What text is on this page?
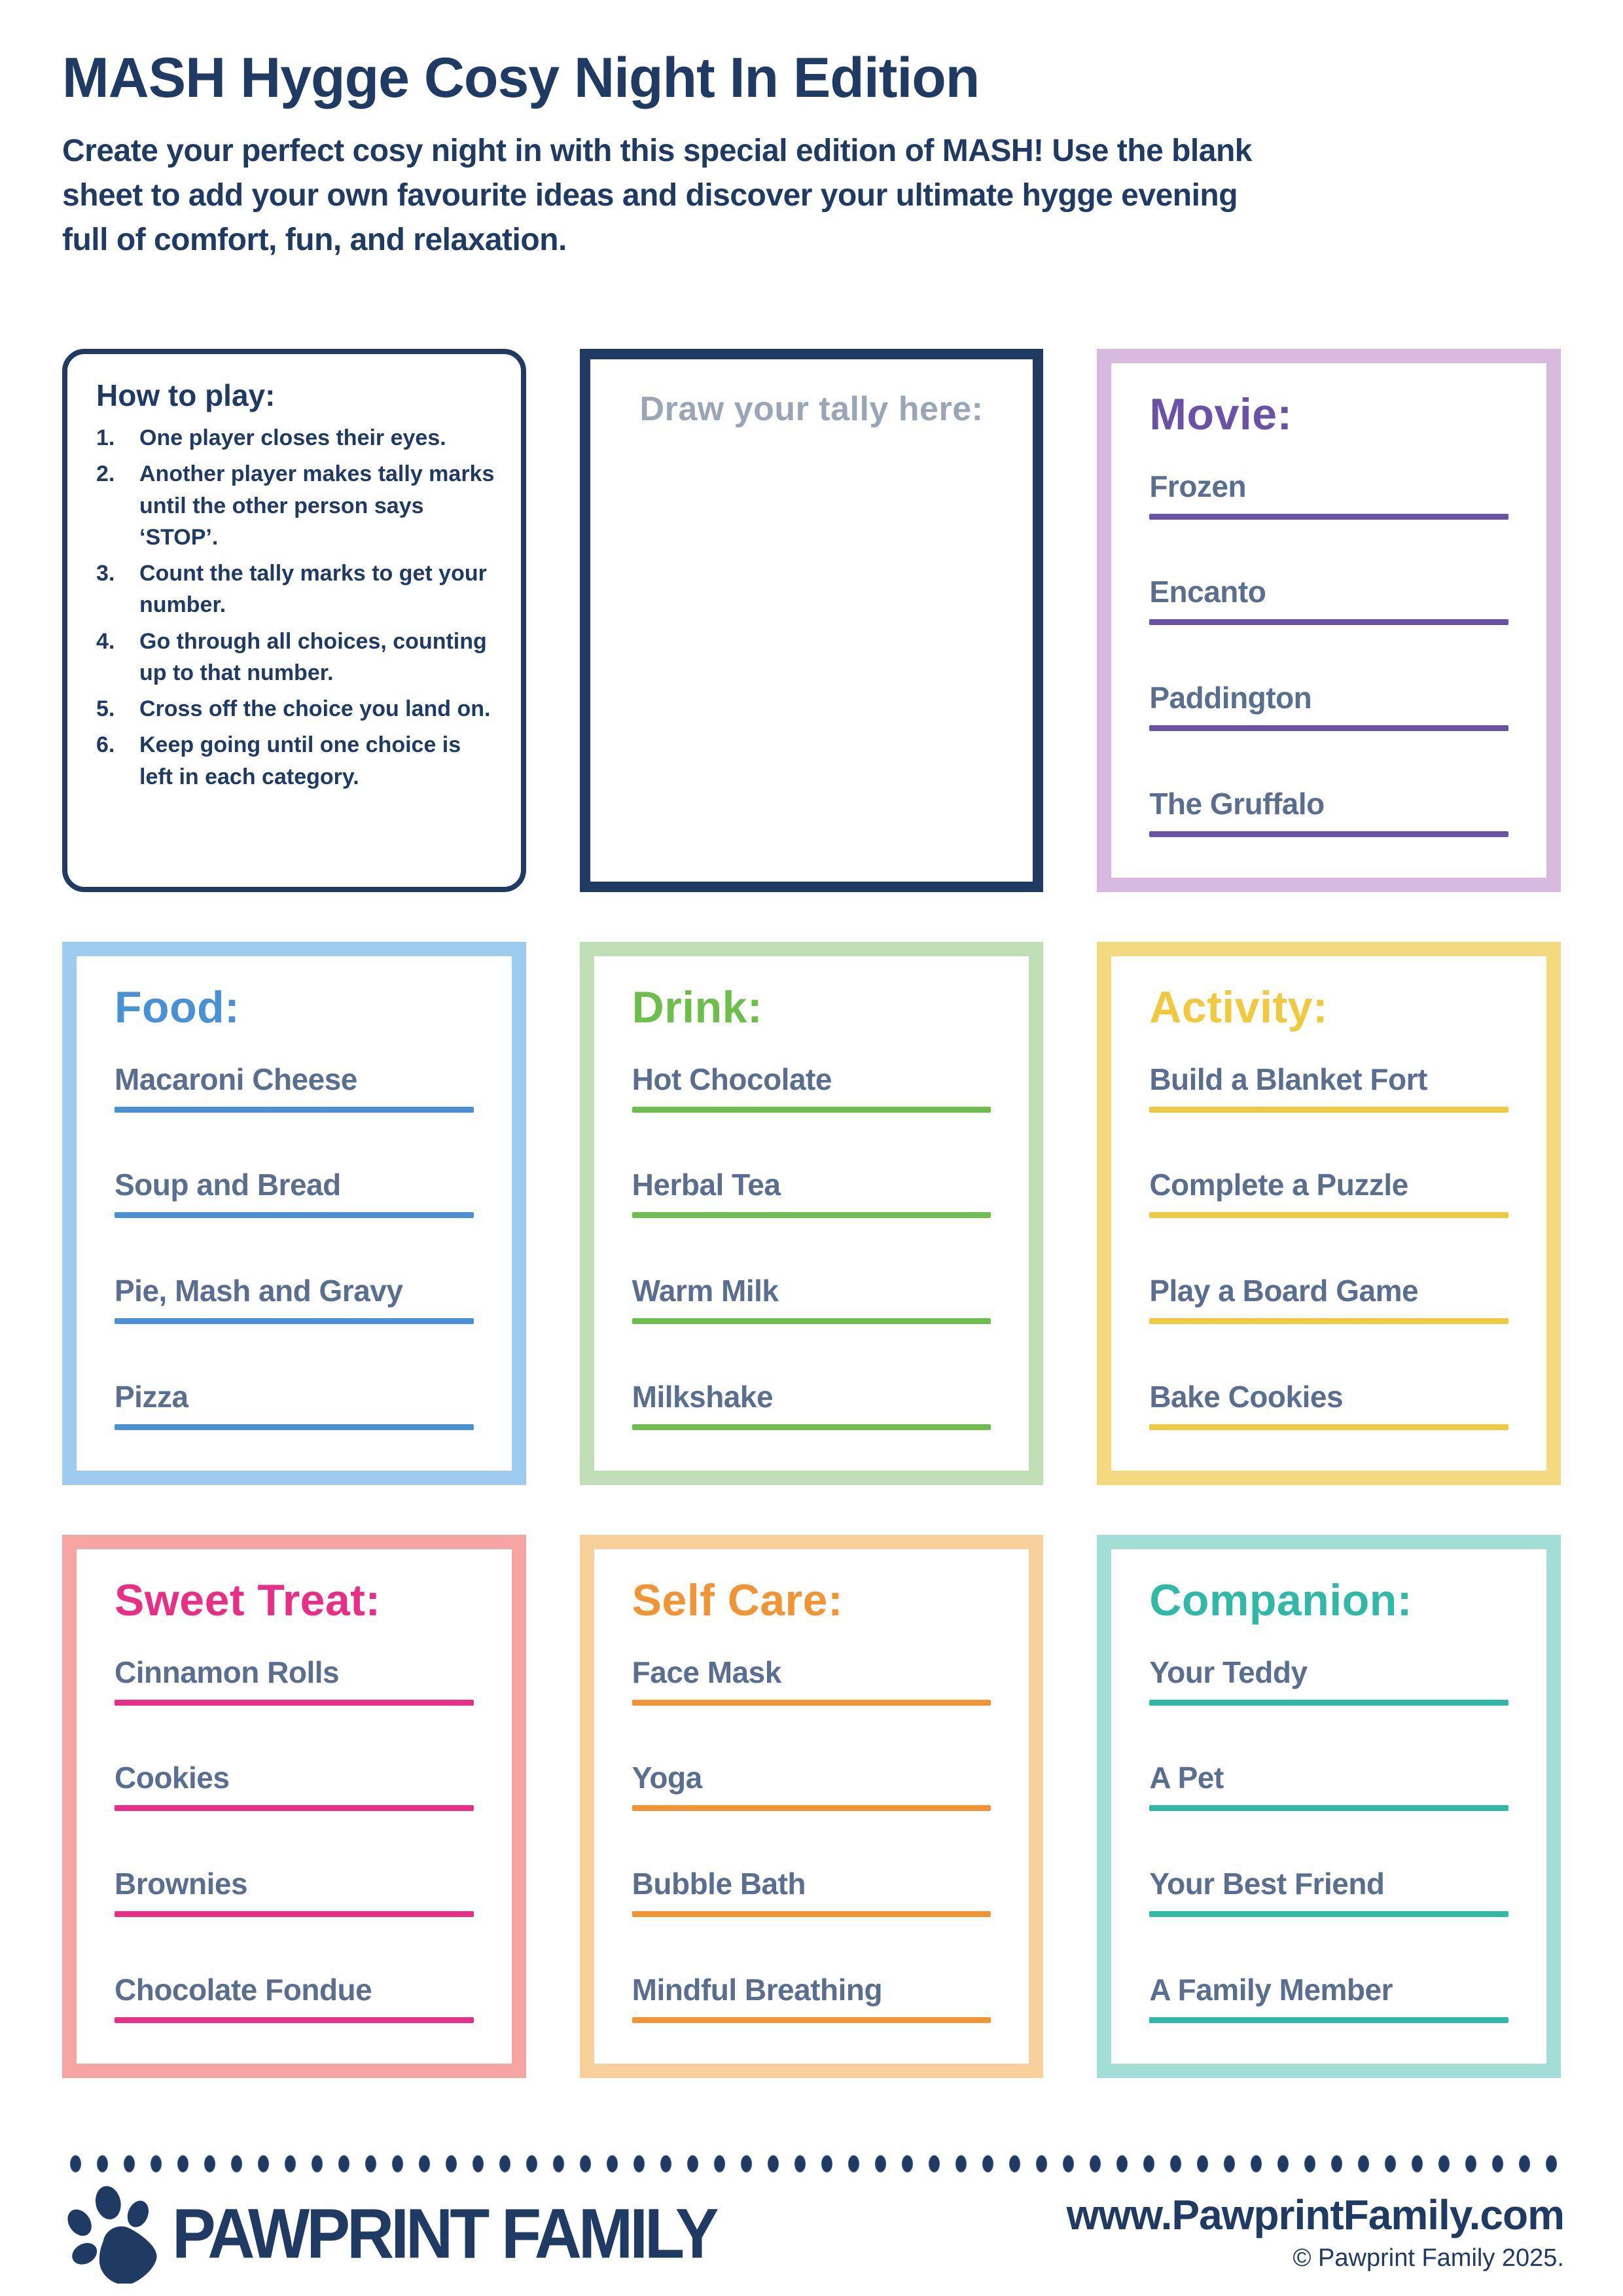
MASH Hygge Cosy Night In Edition
Create your perfect cosy night in with this special edition of MASH! Use the blank
sheet to add your own favourite ideas and discover your ultimate hygge evening
full of comfort, fun, and relaxation.
How to play:
1.	One player closes their eyes.
2.	Another player makes tally marks until the other person says ‘STOP’.
3.	Count the tally marks to get your number.
4.	Go through all choices, counting up to that number.
5.	Cross off the choice you land on.
6.	Keep going until one choice is left in each category.
Draw your tally here:	Movie:
Frozen
Encanto
Paddington
The Gruffalo
Food:
Macaroni Cheese
Soup and Bread
Pie, Mash and Gravy
Pizza
Drink:
Hot Chocolate
Herbal Tea
Warm Milk
Milkshake
Activity:
Build a Blanket Fort
Complete a Puzzle
Play a Board Game
Bake Cookies
Sweet Treat:
Cinnamon Rolls
Cookies
Brownies
Chocolate Fondue
Self Care:
Face Mask
Yoga
Bubble Bath
Mindful Breathing
Companion:
Your Teddy
A Pet
Your Best Friend
A Family Member
PAWPRINT FAMILY	www.PawprintFamily.com
© Pawprint Family 2025.
